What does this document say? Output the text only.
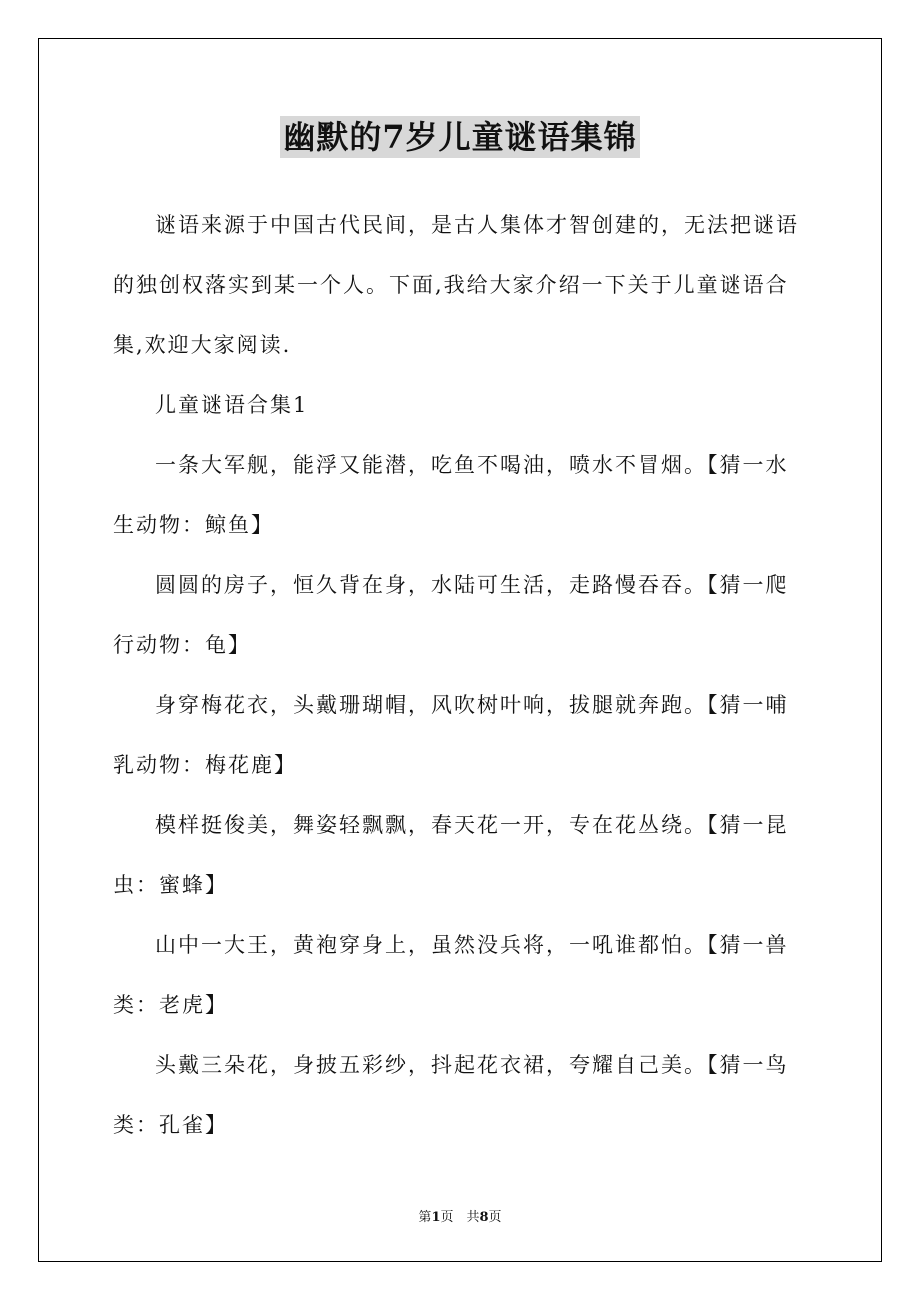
幽默的7岁儿童谜语集锦

谜语来源于中国古代民间，是古人集体才智创建的，无法把谜语的独创权落实到某一个人。下面,我给大家介绍一下关于儿童谜语合集,欢迎大家阅读.

儿童谜语合集1

一条大军舰，能浮又能潜，吃鱼不喝油，喷水不冒烟。【猜一水生动物：鲸鱼】

圆圆的房子，恒久背在身，水陆可生活，走路慢吞吞。【猜一爬行动物：龟】

身穿梅花衣，头戴珊瑚帽，风吹树叶响，拔腿就奔跑。【猜一哺乳动物：梅花鹿】

模样挺俊美，舞姿轻飘飘，春天花一开，专在花丛绕。【猜一昆虫：蜜蜂】

山中一大王，黄袍穿身上，虽然没兵将，一吼谁都怕。【猜一兽类：老虎】

头戴三朵花，身披五彩纱，抖起花衣裙，夸耀自己美。【猜一鸟类：孔雀】

第1页　共8页
